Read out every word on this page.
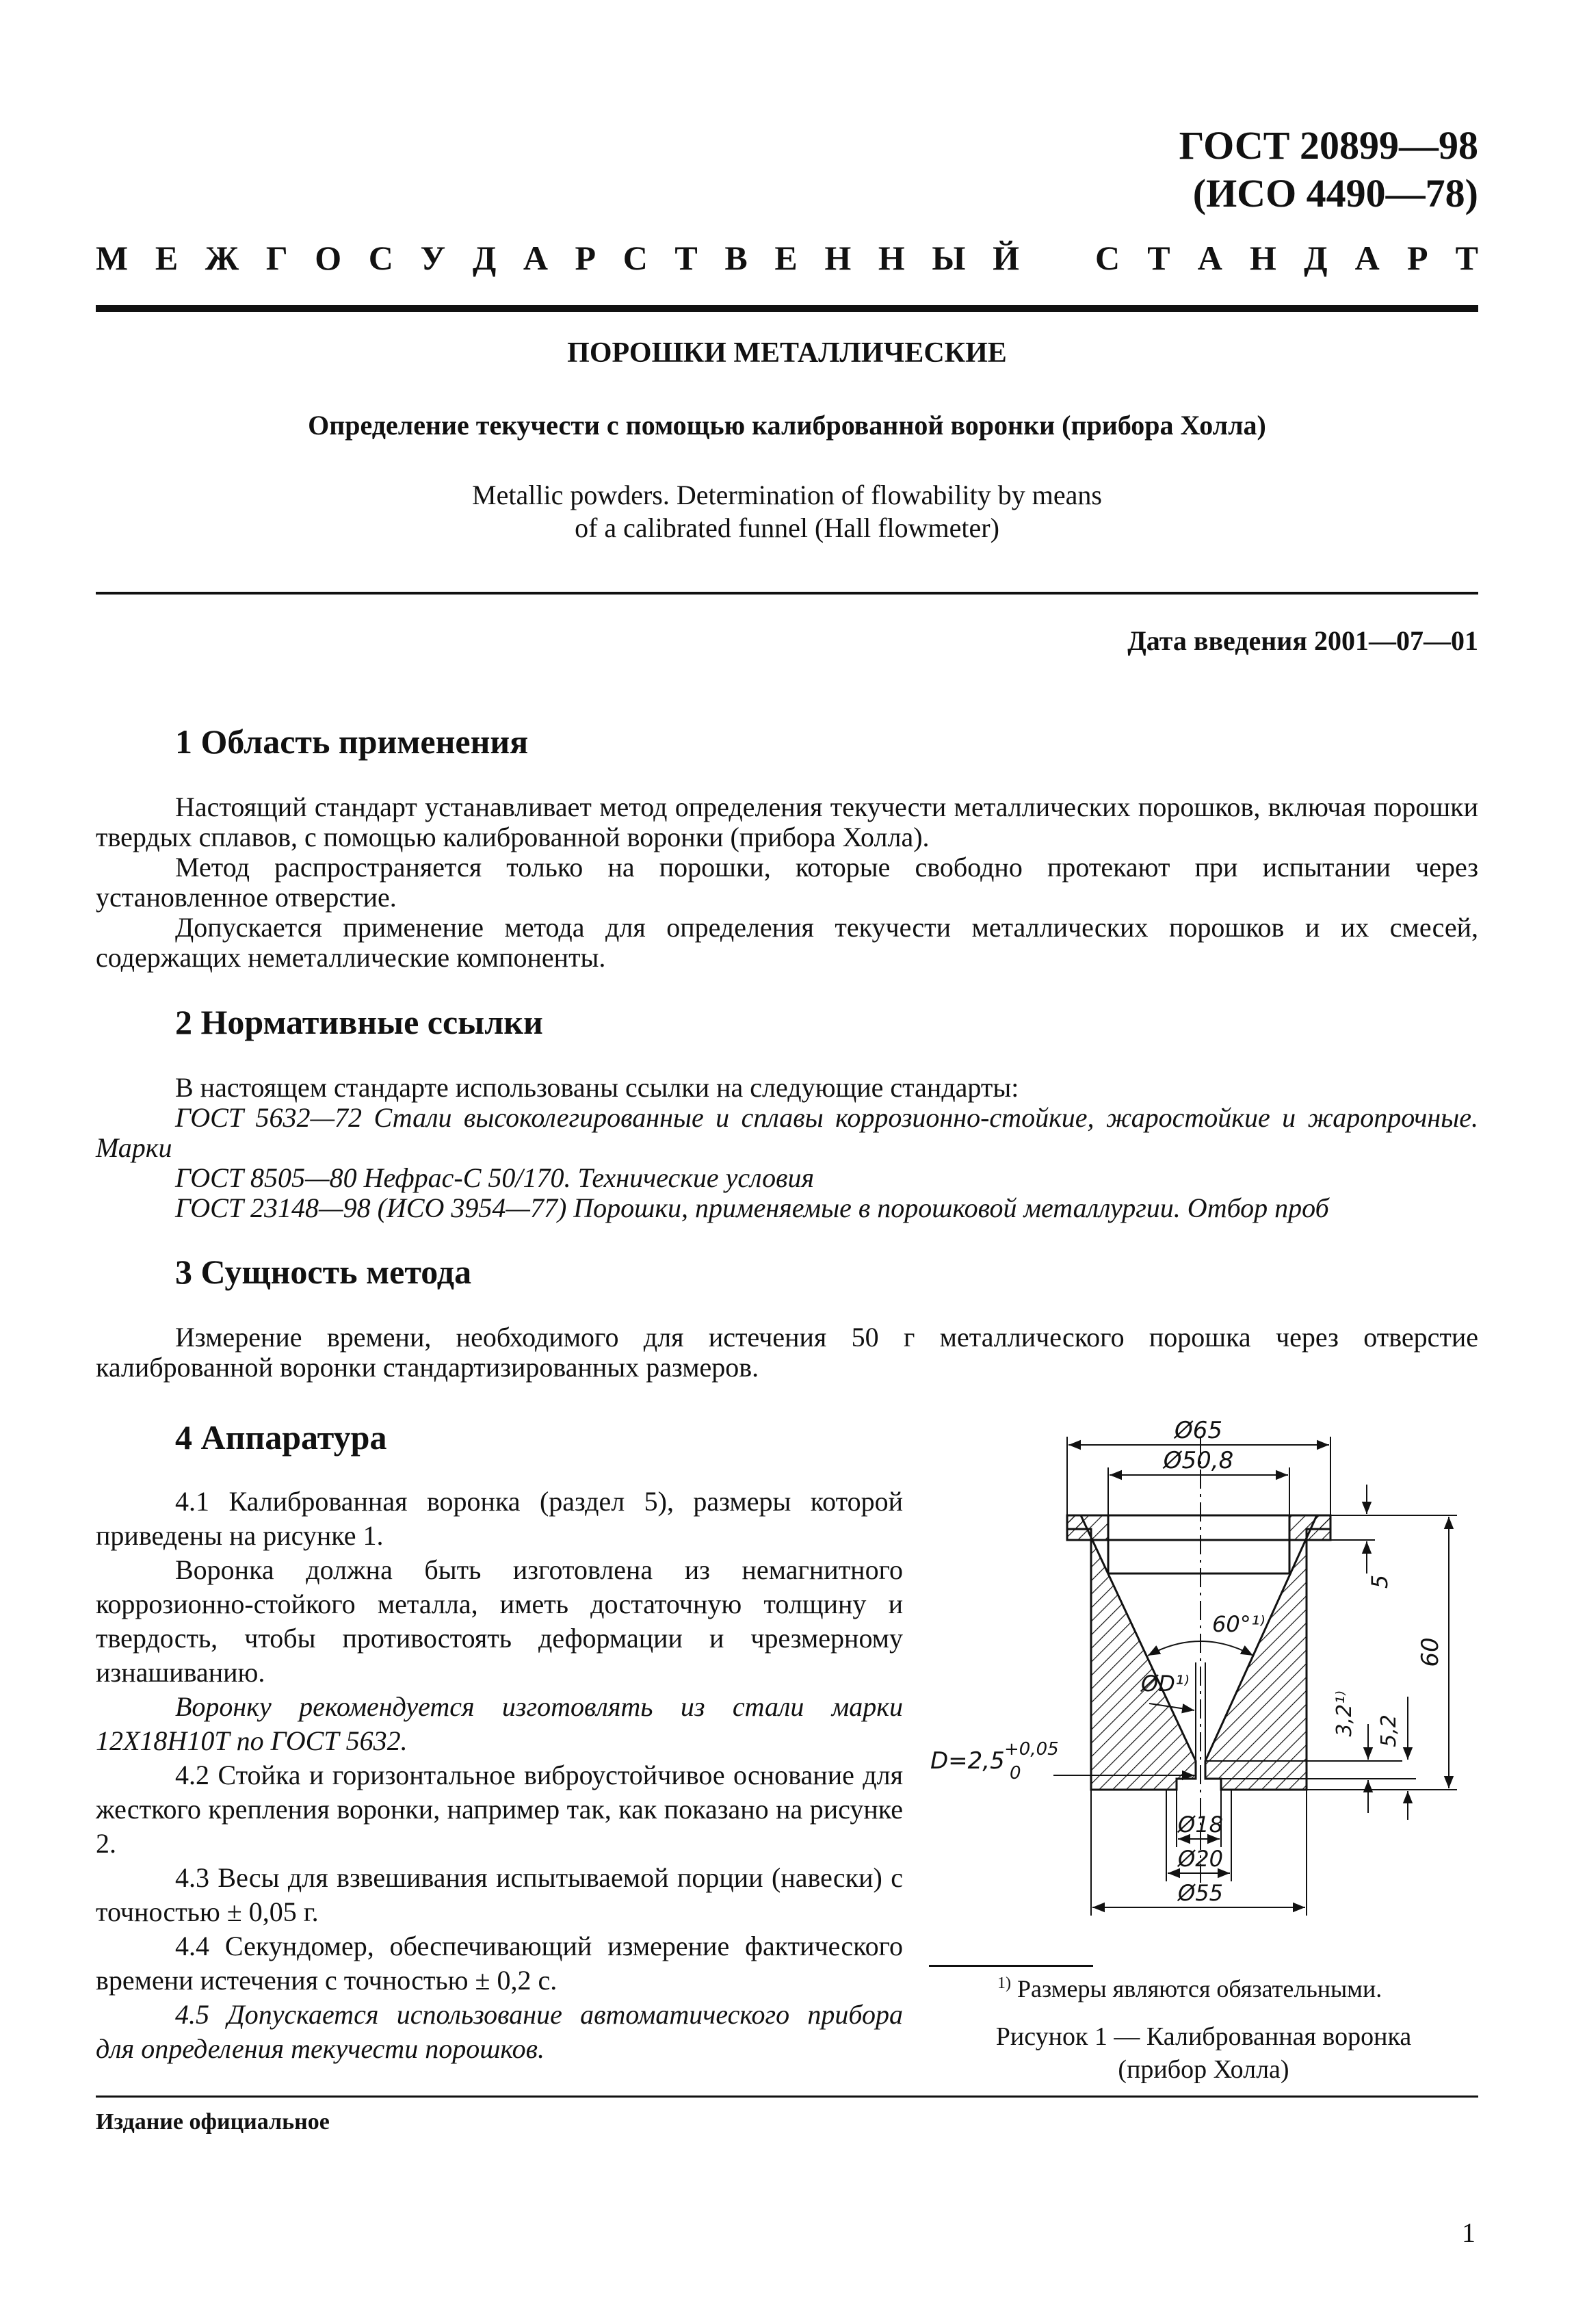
ГОСТ 20899—98
(ИСО 4490—78)
М Е Ж Г О С У Д А Р С Т В Е Н Н Ы Й С Т А Н Д А Р Т
ПОРОШКИ МЕТАЛЛИЧЕСКИЕ
Определение текучести с помощью калиброванной воронки (прибора Холла)
Metallic powders. Determination of flowability by means
of a calibrated funnel (Hall flowmeter)
Дата введения 2001—07—01
1 Область применения

Настоящий стандарт устанавливает метод определения текучести металлических порошков, включая порошки твердых сплавов, с помощью калиброванной воронки (прибора Холла).

Метод распространяется только на порошки, которые свободно протекают при испытании через установленное отверстие.

Допускается применение метода для определения текучести металлических порошков и их смесей, содержащих неметаллические компоненты.

2 Нормативные ссылки

В настоящем стандарте использованы ссылки на следующие стандарты:

ГОСТ 5632—72 Стали высоколегированные и сплавы коррозионно-стойкие, жаростойкие и жаропрочные. Марки

ГОСТ 8505—80 Нефрас-С 50/170. Технические условия

ГОСТ 23148—98 (ИСО 3954—77) Порошки, применяемые в порошковой металлургии. Отбор проб

3 Сущность метода

Измерение времени, необходимого для истечения 50 г металлического порошка через отверстие калиброванной воронки стандартизированных размеров.

4 Аппаратура

4.1 Калиброванная воронка (раздел 5), размеры которой приведены на рисунке 1.

Воронка должна быть изготовлена из немагнитного коррозионно-стойкого металла, иметь достаточную толщину и твердость, чтобы противостоять деформации и чрезмерному изнашиванию.

Воронку рекомендуется изготовлять из стали марки 12Х18Н10Т по ГОСТ 5632.

4.2 Стойка и горизонтальное виброустойчивое основание для жесткого крепления воронки, например так, как показано на рисунке 2.

4.3 Весы для взвешивания испытываемой порции (навески) с точностью ± 0,05 г.

4.4 Секундомер, обеспечивающий измерение фактического времени истечения с точностью ± 0,2 с.

4.5 Допускается использование автоматического прибора для определения текучести порошков.

Ø65
Ø50,8
60
5
3,2¹⁾ 5,2
60°¹⁾
ØD¹⁾
D=2,5 +0,05
0
Ø18
Ø20
Ø55
$^{1)}$ Размеры являются обязательными.
Рисунок 1 — Калиброванная воронка
(прибор Холла)
Издание официальное
1
